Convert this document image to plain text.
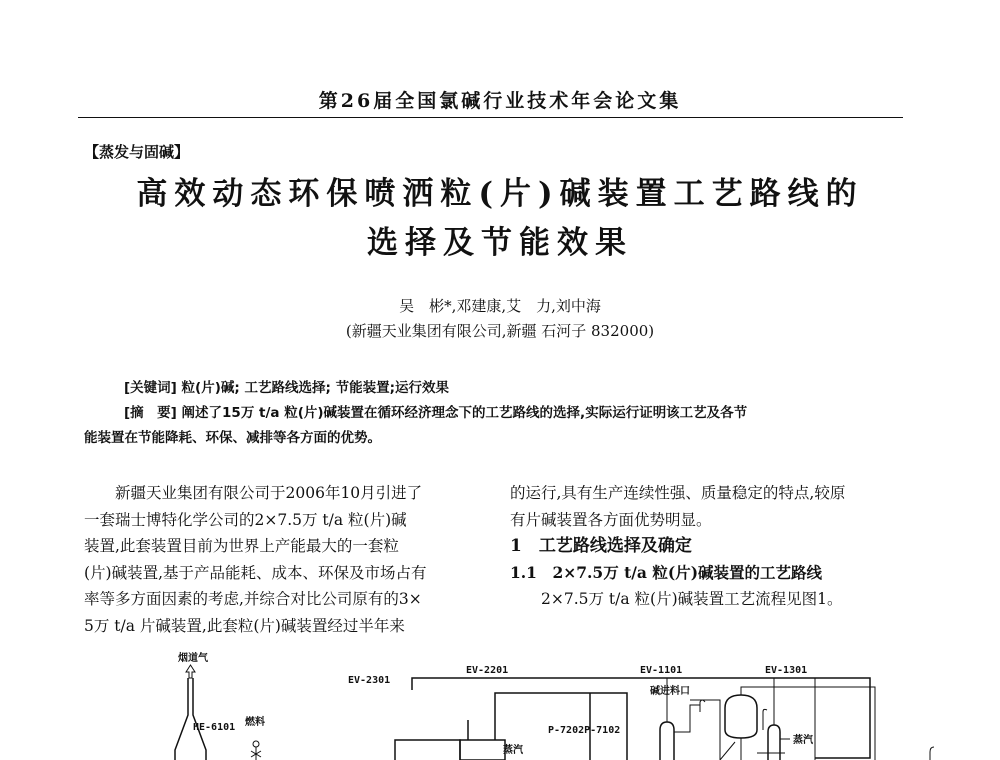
第26届全国氯碱行业技术年会论文集
【蒸发与固碱】
高效动态环保喷洒粒(片)碱装置工艺路线的
选择及节能效果
吴　彬*,邓建康,艾　力,刘中海
(新疆天业集团有限公司,新疆 石河子 832000)
[关键词] 粒(片)碱; 工艺路线选择; 节能装置;运行效果
[摘　要] 阐述了15万 t/a 粒(片)碱装置在循环经济理念下的工艺路线的选择,实际运行证明该工艺及各节
能装置在节能降耗、环保、减排等各方面的优势。
　　新疆天业集团有限公司于2006年10月引进了
一套瑞士博特化学公司的2×7.5万 t/a 粒(片)碱
装置,此套装置目前为世界上产能最大的一套粒
(片)碱装置,基于产品能耗、成本、环保及市场占有
率等多方面因素的考虑,并综合对比公司原有的3×
5万 t/a 片碱装置,此套粒(片)碱装置经过半年来
的运行,具有生产连续性强、质量稳定的特点,较原
有片碱装置各方面优势明显。
1　工艺路线选择及确定
1.1　2×7.5万 t/a 粒(片)碱装置的工艺路线
　　2×7.5万 t/a 粒(片)碱装置工艺流程见图1。
烟道气
HE-6101 燃料
EV-2301
EV-2201	EV-1101	EV-1301
P-7202P-7102
碱进料口
蒸汽
蒸汽
